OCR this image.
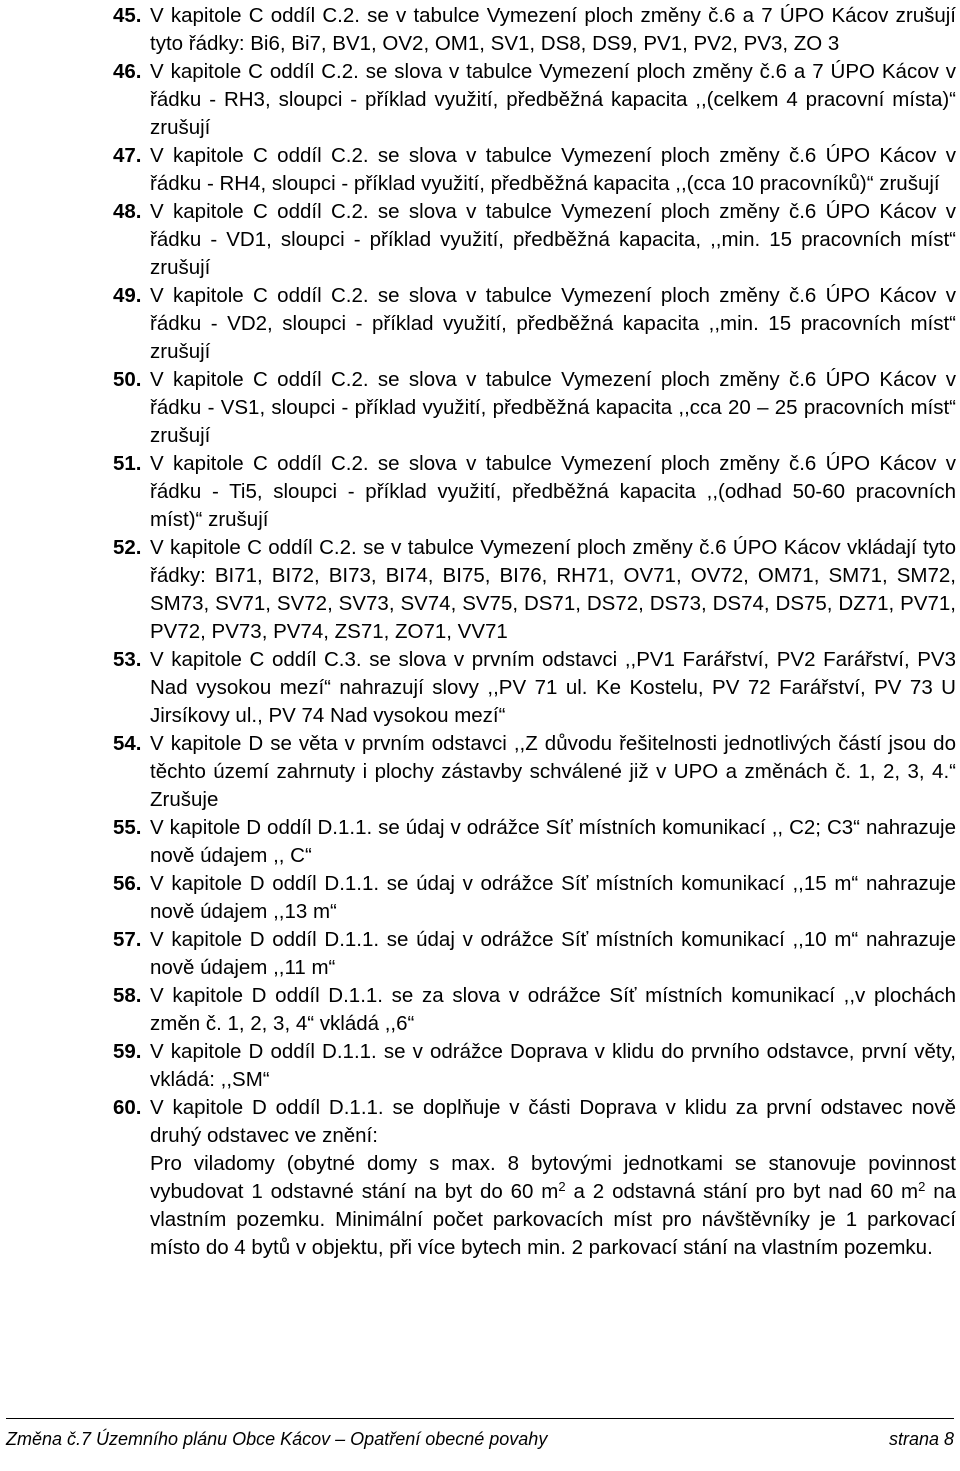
45. V kapitole C oddíl C.2. se v tabulce Vymezení ploch změny č.6 a 7 ÚPO Kácov zrušují tyto řádky: Bi6, Bi7, BV1, OV2, OM1, SV1, DS8, DS9, PV1, PV2, PV3, ZO 3
46. V kapitole C oddíl C.2. se slova v tabulce Vymezení ploch změny č.6 a 7 ÚPO Kácov v řádku - RH3, sloupci - příklad využití, předběžná kapacita ,,(celkem 4 pracovní místa)“ zrušují
47. V kapitole C oddíl C.2. se slova v tabulce Vymezení ploch změny č.6 ÚPO Kácov v řádku - RH4, sloupci - příklad využití, předběžná kapacita ,,(cca 10 pracovníků)“ zrušují
48. V kapitole C oddíl C.2. se slova v tabulce Vymezení ploch změny č.6 ÚPO Kácov v řádku - VD1, sloupci - příklad využití, předběžná kapacita, ,,min. 15 pracovních míst“ zrušují
49. V kapitole C oddíl C.2. se slova v tabulce Vymezení ploch změny č.6 ÚPO Kácov v řádku - VD2, sloupci - příklad využití, předběžná kapacita ,,min. 15 pracovních míst“ zrušují
50. V kapitole C oddíl C.2. se slova v tabulce Vymezení ploch změny č.6 ÚPO Kácov v řádku - VS1, sloupci - příklad využití, předběžná kapacita ,,cca 20 – 25 pracovních míst“ zrušují
51. V kapitole C oddíl C.2. se slova v tabulce Vymezení ploch změny č.6 ÚPO Kácov v řádku - Ti5, sloupci - příklad využití, předběžná kapacita ,,(odhad 50-60 pracovních míst)“ zrušují
52. V kapitole C oddíl C.2. se v tabulce Vymezení ploch změny č.6 ÚPO Kácov vkládají tyto řádky: BI71, BI72, BI73, BI74, BI75, BI76, RH71, OV71, OV72, OM71, SM71, SM72, SM73, SV71, SV72, SV73, SV74, SV75, DS71, DS72, DS73, DS74, DS75, DZ71, PV71, PV72, PV73, PV74, ZS71, ZO71, VV71
53. V kapitole C oddíl C.3. se slova v prvním odstavci ,,PV1 Farářství, PV2 Farářství, PV3 Nad vysokou mezí“ nahrazují slovy ,,PV 71 ul. Ke Kostelu, PV 72 Farářství, PV 73 U Jirsíkovy ul., PV 74 Nad vysokou mezí“
54. V kapitole D se věta v prvním odstavci ,,Z důvodu řešitelnosti jednotlivých částí jsou do těchto území zahrnuty i plochy zástavby schválené již v UPO a změnách č. 1, 2, 3, 4.“ Zrušuje
55. V kapitole D oddíl D.1.1. se údaj v odrážce Síť místních komunikací ,, C2; C3“ nahrazuje nově údajem ,, C“
56. V kapitole D oddíl D.1.1. se údaj v odrážce Síť místních komunikací ,,15 m“ nahrazuje nově údajem ,,13 m“
57. V kapitole D oddíl D.1.1. se údaj v odrážce Síť místních komunikací ,,10 m“ nahrazuje nově údajem ,,11 m“
58. V kapitole D oddíl D.1.1. se za slova v odrážce Síť místních komunikací ,,v plochách změn č. 1, 2, 3, 4“ vkládá ,,6“
59. V kapitole D oddíl D.1.1. se v odrážce Doprava v klidu do prvního odstavce, první věty, vkládá: ,,SM“
60. V kapitole D oddíl D.1.1. se doplňuje v části Doprava v klidu za první odstavec nově druhý odstavec ve znění:
Pro viladomy (obytné domy s max. 8 bytovými jednotkami se stanovuje povinnost vybudovat 1 odstavné stání na byt do 60 $m^2$ a 2 odstavná stání pro byt nad 60 $m^2$ na vlastním pozemku. Minimální počet parkovacích míst pro návštěvníky je 1 parkovací místo do 4 bytů v objektu, při více bytech min. 2 parkovací stání na vlastním pozemku.
Změna č.7 Územního plánu Obce Kácov – Opatření obecné povahy	strana 8
